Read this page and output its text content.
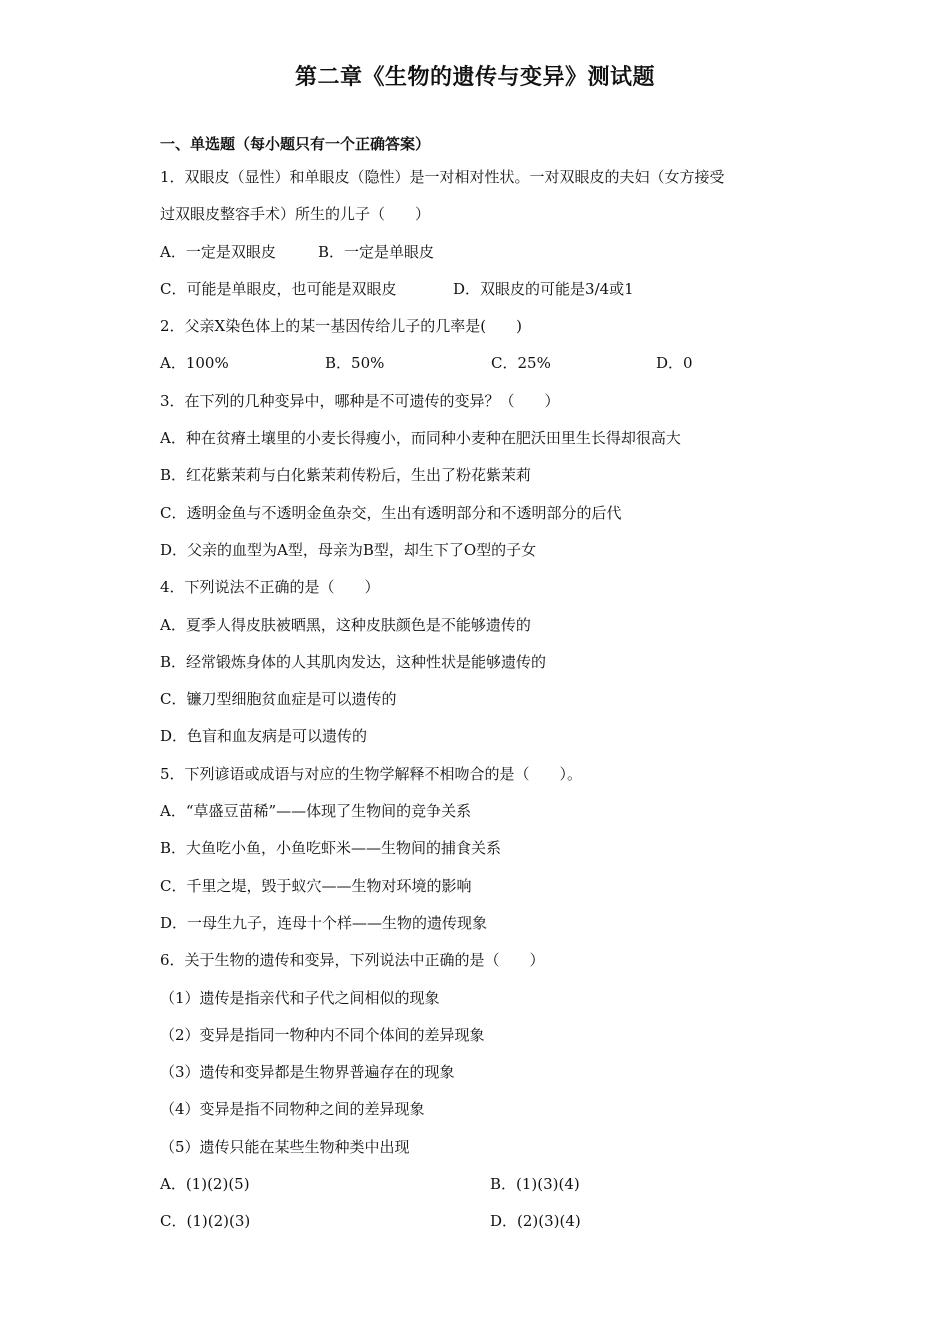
第二章《生物的遗传与变异》测试题
一、单选题（每小题只有一个正确答案）
1．双眼皮（显性）和单眼皮（隐性）是一对相对性状。一对双眼皮的夫妇（女方接受
过双眼皮整容手术）所生的儿子（　　）
A．一定是双眼皮	B．一定是单眼皮
C．可能是单眼皮，也可能是双眼皮	D．双眼皮的可能是3/4或1
2．父亲X染色体上的某一基因传给儿子的几率是(　　)
A．100%	B．50%	C．25%	D．0
3．在下列的几种变异中，哪种是不可遗传的变异？（　　）
A．种在贫瘠土壤里的小麦长得瘦小，而同种小麦种在肥沃田里生长得却很高大
B．红花紫茉莉与白化紫茉莉传粉后，生出了粉花紫茉莉
C．透明金鱼与不透明金鱼杂交，生出有透明部分和不透明部分的后代
D．父亲的血型为A型，母亲为B型，却生下了O型的子女
4．下列说法不正确的是（　　）
A．夏季人得皮肤被晒黑，这种皮肤颜色是不能够遗传的
B．经常锻炼身体的人其肌肉发达，这种性状是能够遗传的
C．镰刀型细胞贫血症是可以遗传的
D．色盲和血友病是可以遗传的
5．下列谚语或成语与对应的生物学解释不相吻合的是（　　）。
A．“草盛豆苗稀”——体现了生物间的竞争关系
B．大鱼吃小鱼，小鱼吃虾米——生物间的捕食关系
C．千里之堤，毁于蚁穴——生物对环境的影响
D．一母生九子，连母十个样——生物的遗传现象
6．关于生物的遗传和变异，下列说法中正确的是（　　）
（1）遗传是指亲代和子代之间相似的现象
（2）变异是指同一物种内不同个体间的差异现象
（3）遗传和变异都是生物界普遍存在的现象
（4）变异是指不同物种之间的差异现象
（5）遗传只能在某些生物种类中出现
A．(1)(2)(5)	B．(1)(3)(4)
C．(1)(2)(3)	D．(2)(3)(4)
